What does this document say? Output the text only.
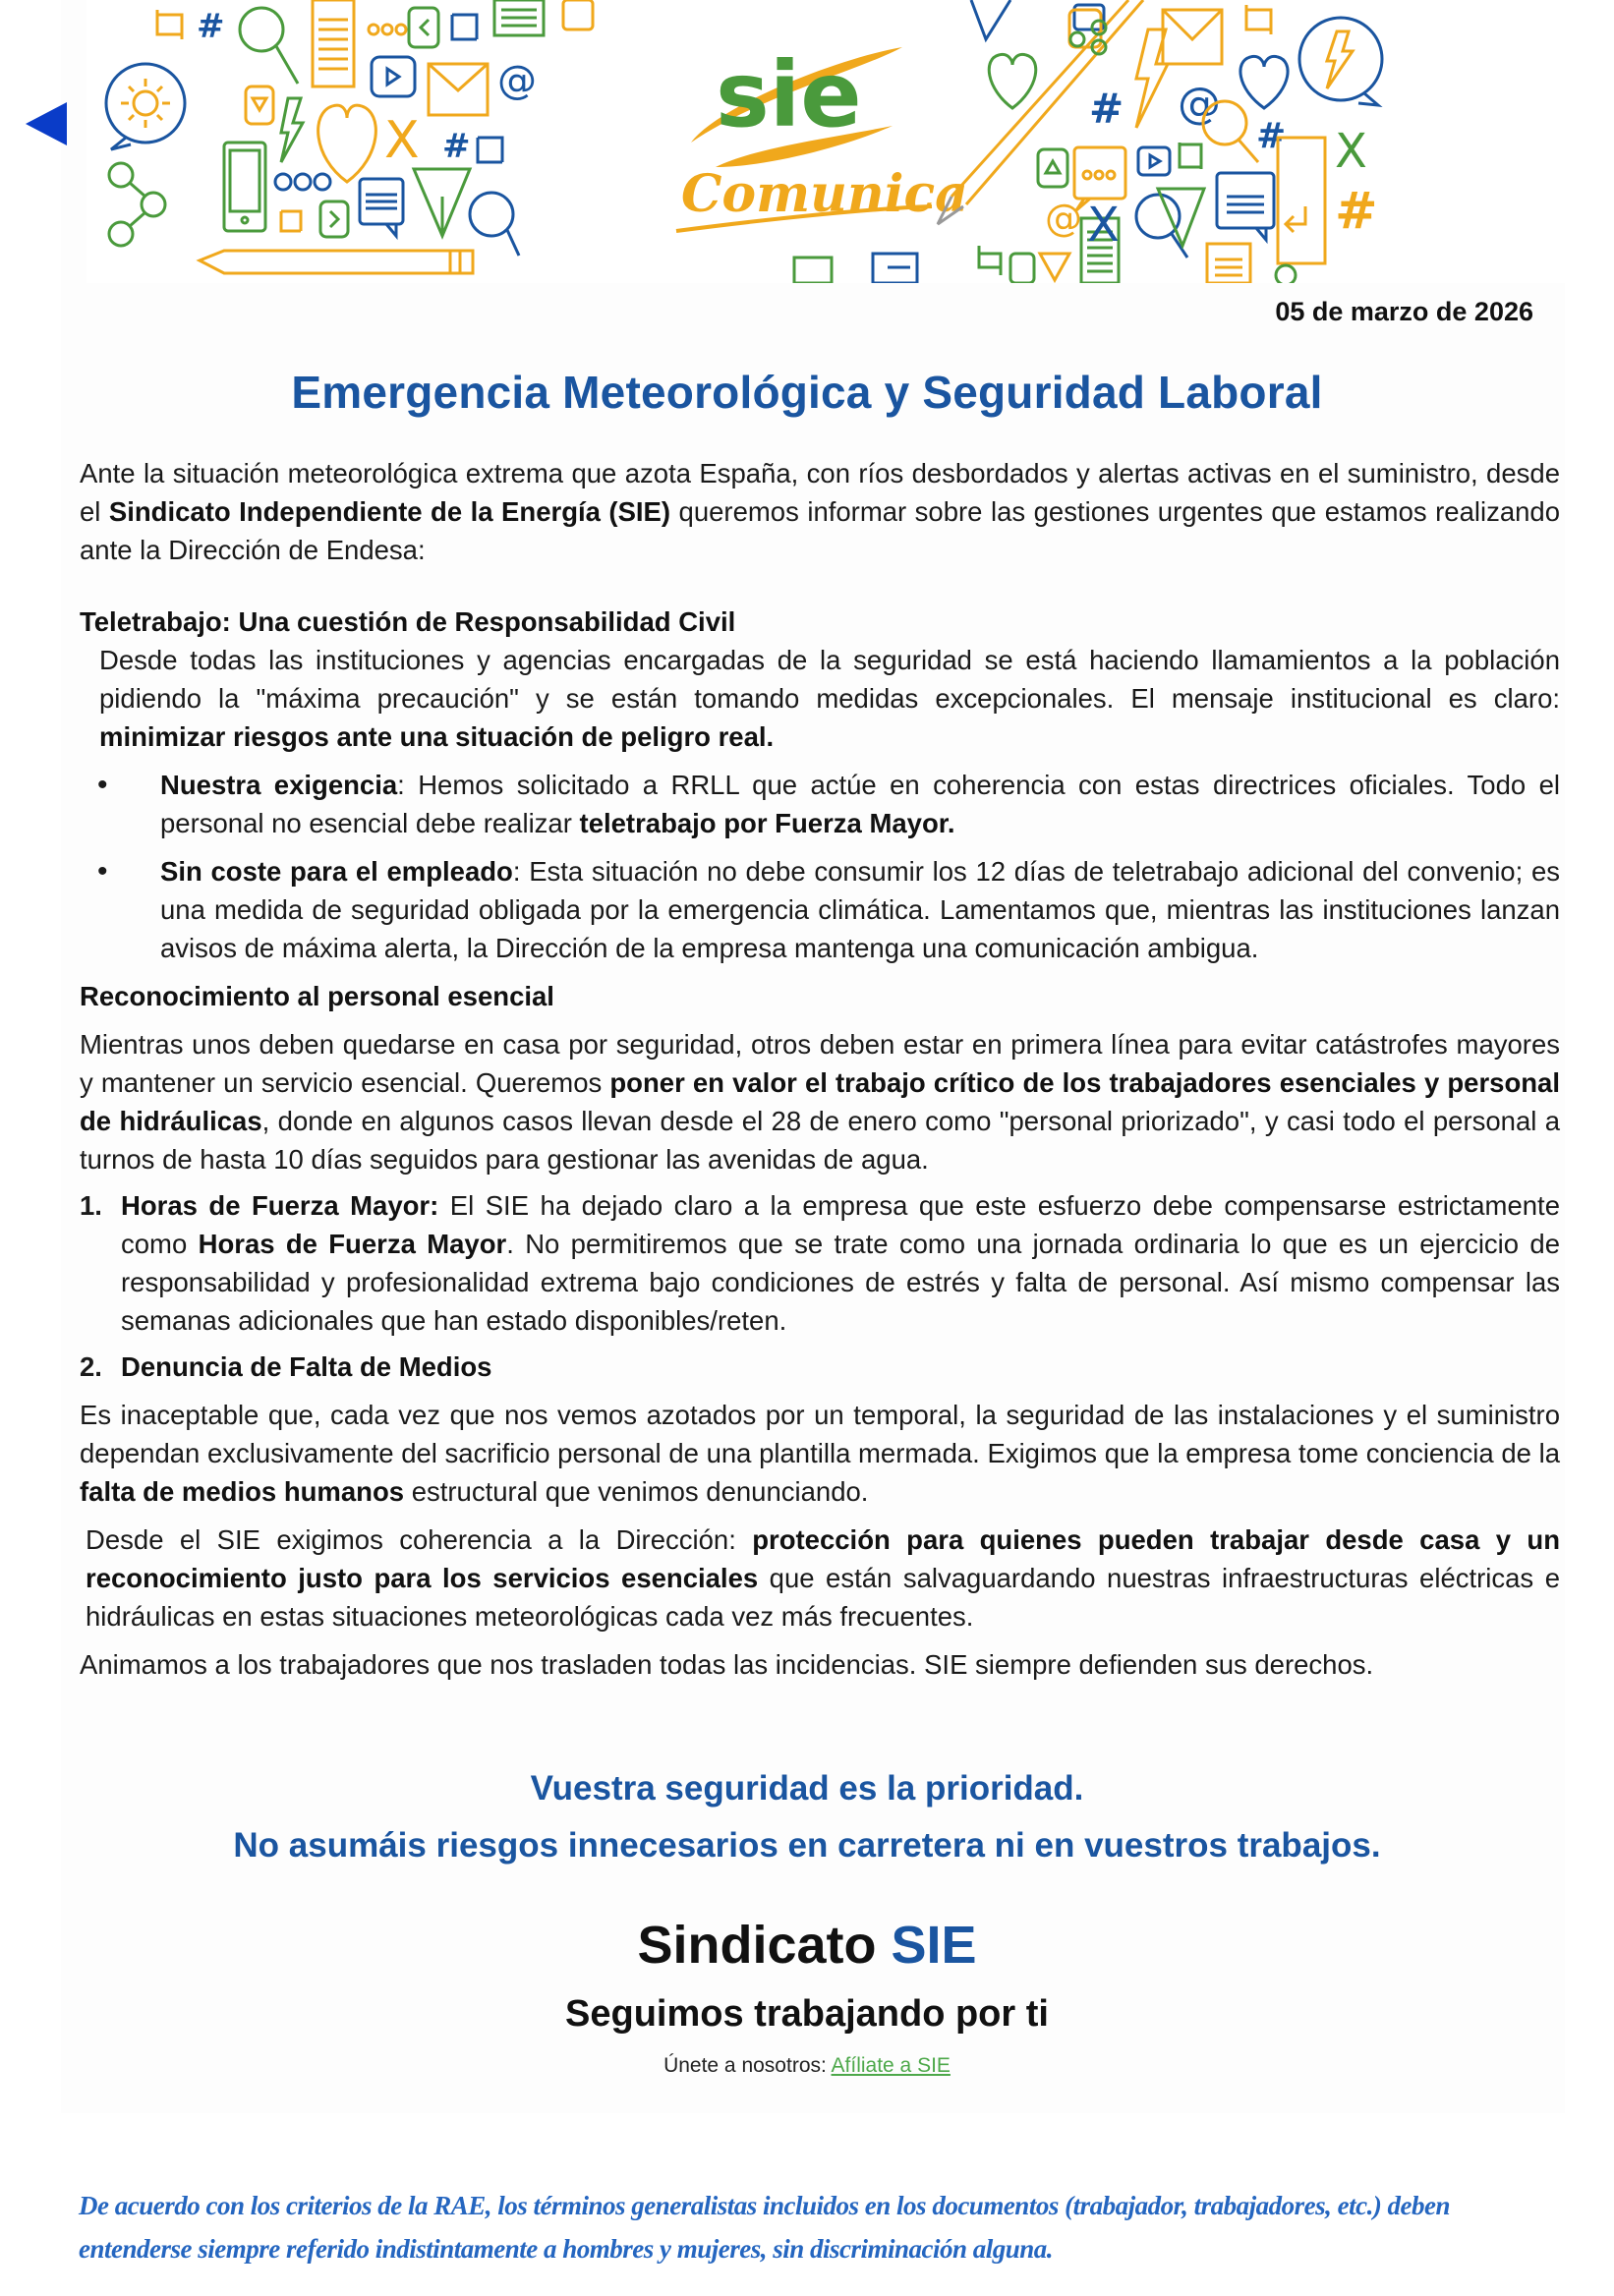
#
@
X #	sie
Comunica
# @
# X
#
@ X
05 de marzo de 2026
Emergencia Meteorológica y Seguridad Laboral

Ante la situación meteorológica extrema que azota España, con ríos desbordados y alertas activas en el suministro, desde el Sindicato Independiente de la Energía (SIE) queremos informar sobre las gestiones urgentes que estamos realizando ante la Dirección de Endesa:

Teletrabajo: Una cuestión de Responsabilidad Civil

Desde todas las instituciones y agencias encargadas de la seguridad se está haciendo llamamientos a la población pidiendo la "máxima precaución" y se están tomando medidas excepcionales. El mensaje institucional es claro: minimizar riesgos ante una situación de peligro real.

• Nuestra exigencia: Hemos solicitado a RRLL que actúe en coherencia con estas directrices oficiales. Todo el personal no esencial debe realizar teletrabajo por Fuerza Mayor.
• Sin coste para el empleado: Esta situación no debe consumir los 12 días de teletrabajo adicional del convenio; es una medida de seguridad obligada por la emergencia climática. Lamentamos que, mientras las instituciones lanzan avisos de máxima alerta, la Dirección de la empresa mantenga una comunicación ambigua.

Reconocimiento al personal esencial

Mientras unos deben quedarse en casa por seguridad, otros deben estar en primera línea para evitar catástrofes mayores y mantener un servicio esencial. Queremos poner en valor el trabajo crítico de los trabajadores esenciales y personal de hidráulicas, donde en algunos casos llevan desde el 28 de enero como "personal priorizado", y casi todo el personal a turnos de hasta 10 días seguidos para gestionar las avenidas de agua.

1. Horas de Fuerza Mayor: El SIE ha dejado claro a la empresa que este esfuerzo debe compensarse estrictamente como Horas de Fuerza Mayor. No permitiremos que se trate como una jornada ordinaria lo que es un ejercicio de responsabilidad y profesionalidad extrema bajo condiciones de estrés y falta de personal. Así mismo compensar las semanas adicionales que han estado disponibles/reten.
2. Denuncia de Falta de Medios

Es inaceptable que, cada vez que nos vemos azotados por un temporal, la seguridad de las instalaciones y el suministro dependan exclusivamente del sacrificio personal de una plantilla mermada. Exigimos que la empresa tome conciencia de la falta de medios humanos estructural que venimos denunciando.

Desde el SIE exigimos coherencia a la Dirección: protección para quienes pueden trabajar desde casa y un reconocimiento justo para los servicios esenciales que están salvaguardando nuestras infraestructuras eléctricas e hidráulicas en estas situaciones meteorológicas cada vez más frecuentes.

Animamos a los trabajadores que nos trasladen todas las incidencias. SIE siempre defienden sus derechos.

Vuestra seguridad es la prioridad.
No asumáis riesgos innecesarios en carretera ni en vuestros trabajos.
Sindicato SIE
Seguimos trabajando por ti
Únete a nosotros: Afíliate a SIE
De acuerdo con los criterios de la RAE, los términos generalistas incluidos en los documentos (trabajador, trabajadores, etc.) deben entenderse siempre referido indistintamente a hombres y mujeres, sin discriminación alguna.
